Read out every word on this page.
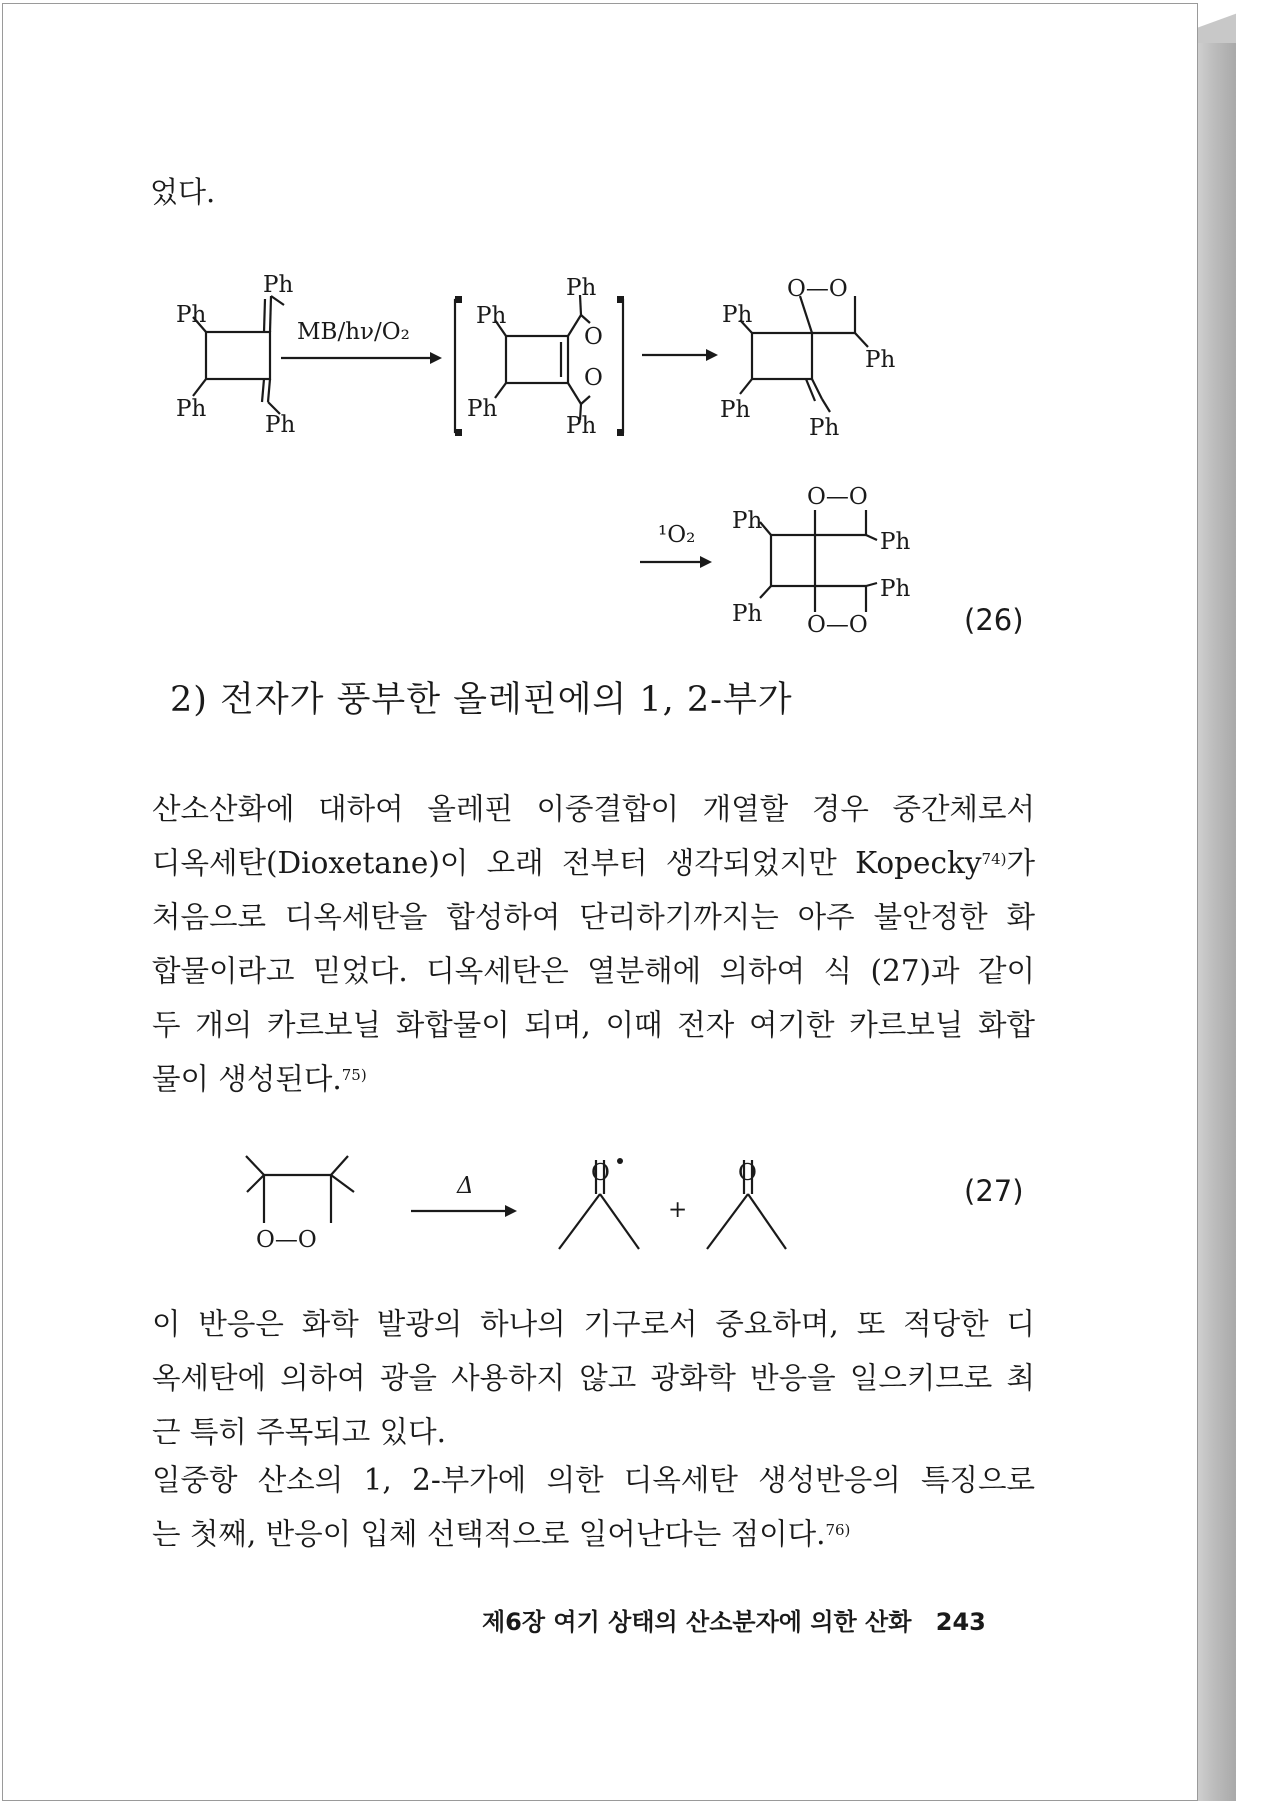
었다.
Ph
Ph
Ph
Ph
MB/hν/O₂
Ph
Ph
Ph
Ph
O
O
O—O
Ph
Ph
Ph
Ph
¹O₂
O—O
Ph
Ph
Ph
Ph O—O	(26)
2) 전자가 풍부한 올레핀에의 1, 2-부가
산소산화에 대하여 올레핀 이중결합이 개열할 경우 중간체로서
디옥세탄(Dioxetane)이 오래 전부터 생각되었지만 Kopecky$^{74)}$가
처음으로 디옥세탄을 합성하여 단리하기까지는 아주 불안정한 화
합물이라고 믿었다. 디옥세탄은 열분해에 의하여 식 (27)과 같이
두 개의 카르보닐 화합물이 되며, 이때 전자 여기한 카르보닐 화합
물이 생성된다.$^{75)}$
Δ	O	O
+
O—O
(27)
이 반응은 화학 발광의 하나의 기구로서 중요하며, 또 적당한 디
옥세탄에 의하여 광을 사용하지 않고 광화학 반응을 일으키므로 최
근 특히 주목되고 있다.
일중항 산소의 1, 2-부가에 의한 디옥세탄 생성반응의 특징으로
는 첫째, 반응이 입체 선택적으로 일어난다는 점이다.$^{76)}$
제6장 여기 상태의 산소분자에 의한 산화 243
